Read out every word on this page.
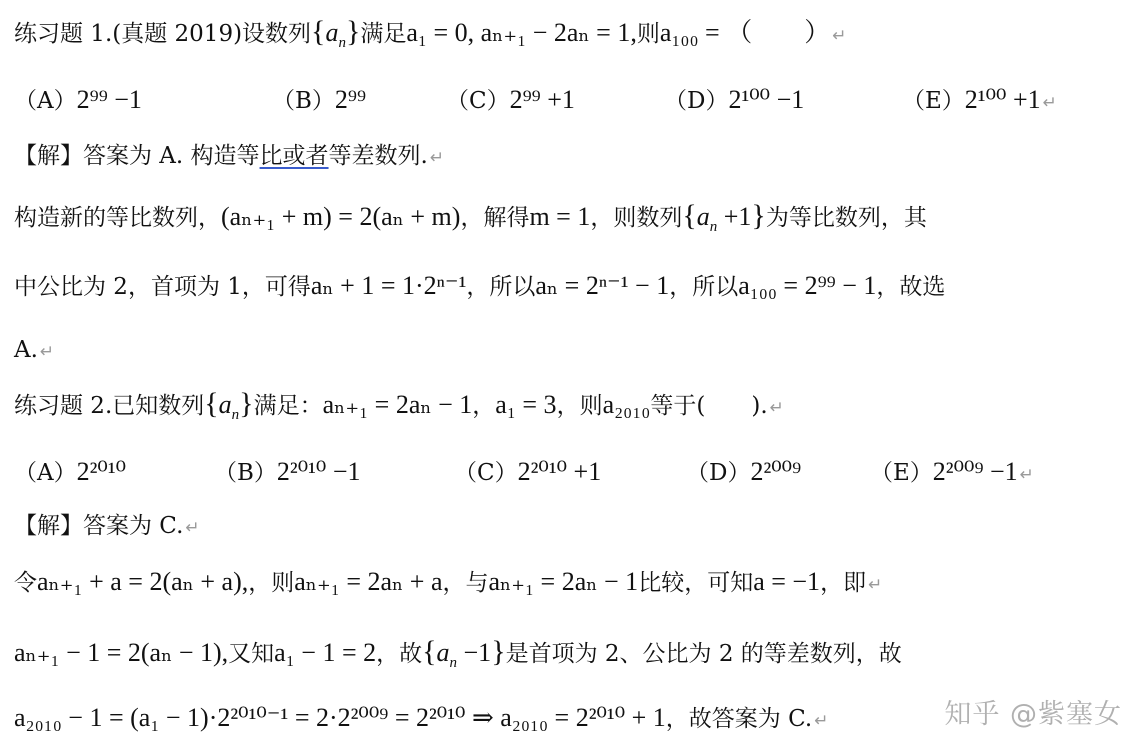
练习题 1.(真题 2019)设数列$\{a_n\}$满足a₁ = 0, aₙ₊₁ − 2aₙ = 1,则a₁₀₀ = （　　） ↵
（A）2⁹⁹ −1	（B）2⁹⁹	（C）2⁹⁹ +1	（D）2¹⁰⁰ −1	（E）2¹⁰⁰ +1 ↵
【解】答案为 A. 构造等比或者等差数列. ↵
构造新的等比数列，(aₙ₊₁ + m) = 2(aₙ + m)，解得m = 1，则数列$\{a_n +1\}$为等比数列，其
中公比为 2，首项为 1，可得aₙ + 1 = 1·2ⁿ⁻¹，所以aₙ = 2ⁿ⁻¹ − 1，所以a₁₀₀ = 2⁹⁹ − 1，故选
A. ↵
练习题 2.已知数列$\{a_n\}$满足：aₙ₊₁ = 2aₙ − 1，a₁ = 3，则a₂₀₁₀等于(　　). ↵
（A）2²⁰¹⁰	（B）2²⁰¹⁰ −1	（C）2²⁰¹⁰ +1	（D）2²⁰⁰⁹	（E）2²⁰⁰⁹ −1 ↵
【解】答案为 C. ↵
令aₙ₊₁ + a = 2(aₙ + a),，则aₙ₊₁ = 2aₙ + a，与aₙ₊₁ = 2aₙ − 1比较，可知a = −1，即 ↵
aₙ₊₁ − 1 = 2(aₙ − 1),又知a₁ − 1 = 2，故$\{a_n -1\}$是首项为 2、公比为 2 的等差数列，故
a₂₀₁₀ − 1 = (a₁ − 1)·2²⁰¹⁰⁻¹ = 2·2²⁰⁰⁹ = 2²⁰¹⁰ ⇒ a₂₀₁₀ = 2²⁰¹⁰ + 1，故答案为 C. ↵	知乎 @紫塞女
